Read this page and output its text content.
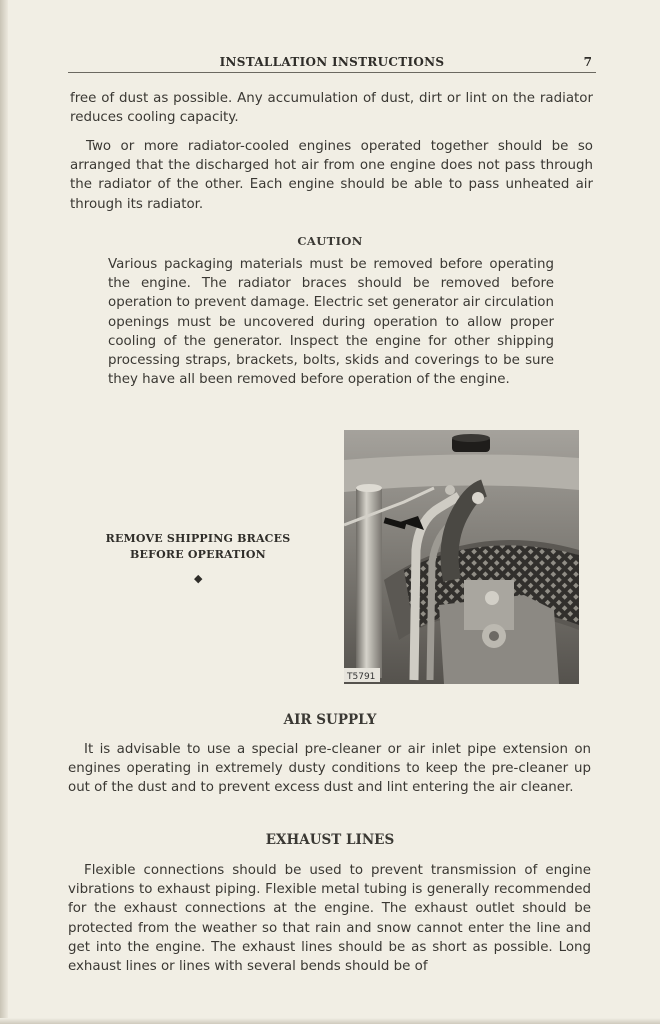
INSTALLATION INSTRUCTIONS	7

free of dust as possible. Any accumulation of dust, dirt or lint on the radiator reduces cooling capacity.

Two or more radiator-cooled engines operated together should be so arranged that the discharged hot air from one engine does not pass through the radiator of the other. Each engine should be able to pass unheated air through its radiator.

CAUTION

Various packaging materials must be removed before operating the engine. The radiator braces should be removed before operation to prevent damage. Electric set generator air circulation openings must be uncovered during operation to allow proper cooling of the generator. Inspect the engine for other shipping processing straps, brackets, bolts, skids and coverings to be sure they have all been removed before operation of the engine.

REMOVE SHIPPING BRACES
BEFORE OPERATION
◆
T5791
AIR SUPPLY

It is advisable to use a special pre-cleaner or air inlet pipe extension on engines operating in extremely dusty conditions to keep the pre-cleaner up out of the dust and to prevent excess dust and lint entering the air cleaner.

EXHAUST LINES

Flexible connections should be used to prevent transmission of engine vibrations to exhaust piping. Flexible metal tubing is generally recommended for the exhaust connections at the engine. The exhaust outlet should be protected from the weather so that rain and snow cannot enter the line and get into the engine. The exhaust lines should be as short as possible. Long exhaust lines or lines with several bends should be of
